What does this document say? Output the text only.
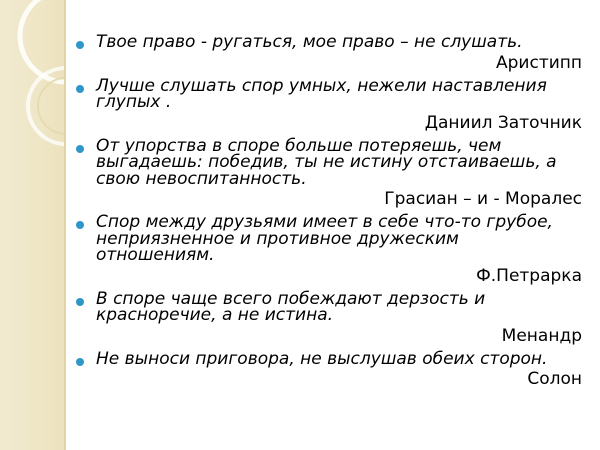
Твое право - ругаться, мое право – не слушать.

Аристипп

Лучше слушать спор умных, нежели наставления глупых .

Даниил Заточник

От упорства в споре больше потеряешь, чем выгадаешь: победив, ты не истину отстаиваешь, а свою невоспитанность.

Грасиан – и - Моралес

Спор между друзьями имеет в себе что-то грубое, неприязненное и противное дружеским отношениям.

Ф.Петрарка

В споре чаще всего побеждают дерзость и красноречие, а не истина.

Менандр

Не выноси приговора, не выслушав обеих сторон.

Солон
